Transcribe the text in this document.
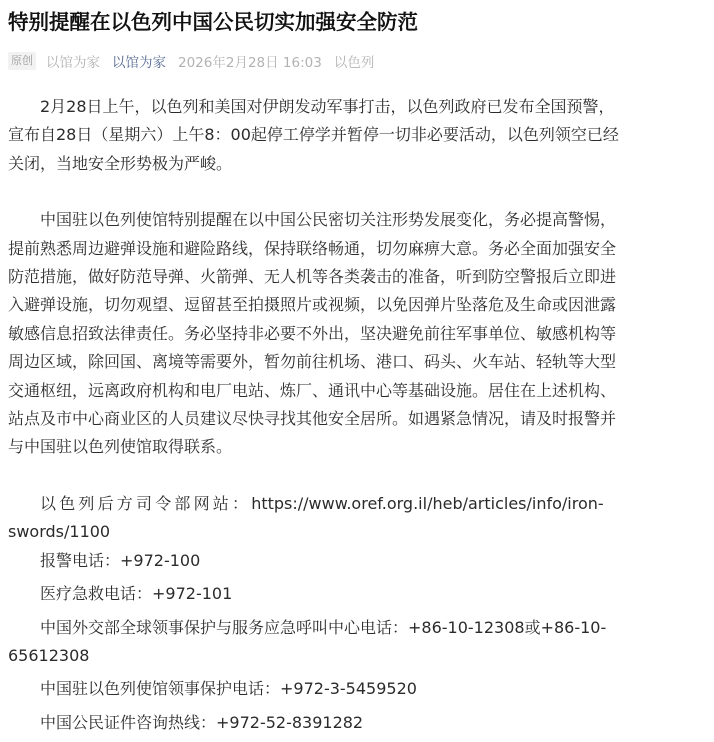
特别提醒在以色列中国公民切实加强安全防范
原创 以馆为家 以馆为家 2026年2月28日 16:03 以色列

2月28日上午，以色列和美国对伊朗发动军事打击，以色列政府已发布全国预警，
宣布自28日（星期六）上午8：00起停工停学并暂停一切非必要活动，以色列领空已经
关闭，当地安全形势极为严峻。

中国驻以色列使馆特别提醒在以中国公民密切关注形势发展变化，务必提高警惕，
提前熟悉周边避弹设施和避险路线，保持联络畅通，切勿麻痹大意。务必全面加强安全
防范措施，做好防范导弹、火箭弹、无人机等各类袭击的准备，听到防空警报后立即进
入避弹设施，切勿观望、逗留甚至拍摄照片或视频，以免因弹片坠落危及生命或因泄露
敏感信息招致法律责任。务必坚持非必要不外出，坚决避免前往军事单位、敏感机构等
周边区域，除回国、离境等需要外，暂勿前往机场、港口、码头、火车站、轻轨等大型
交通枢纽，远离政府机构和电厂电站、炼厂、通讯中心等基础设施。居住在上述机构、
站点及市中心商业区的人员建议尽快寻找其他安全居所。如遇紧急情况，请及时报警并
与中国驻以色列使馆取得联系。

以色列后方司令部网站：https://www.oref.org.il/heb/articles/info/iron-
swords/1100

报警电话：+972-100

医疗急救电话：+972-101

中国外交部全球领事保护与服务应急呼叫中心电话：+86-10-12308或+86-10-
65612308

中国驻以色列使馆领事保护电话：+972-3-5459520

中国公民证件咨询热线：+972-52-8391282
